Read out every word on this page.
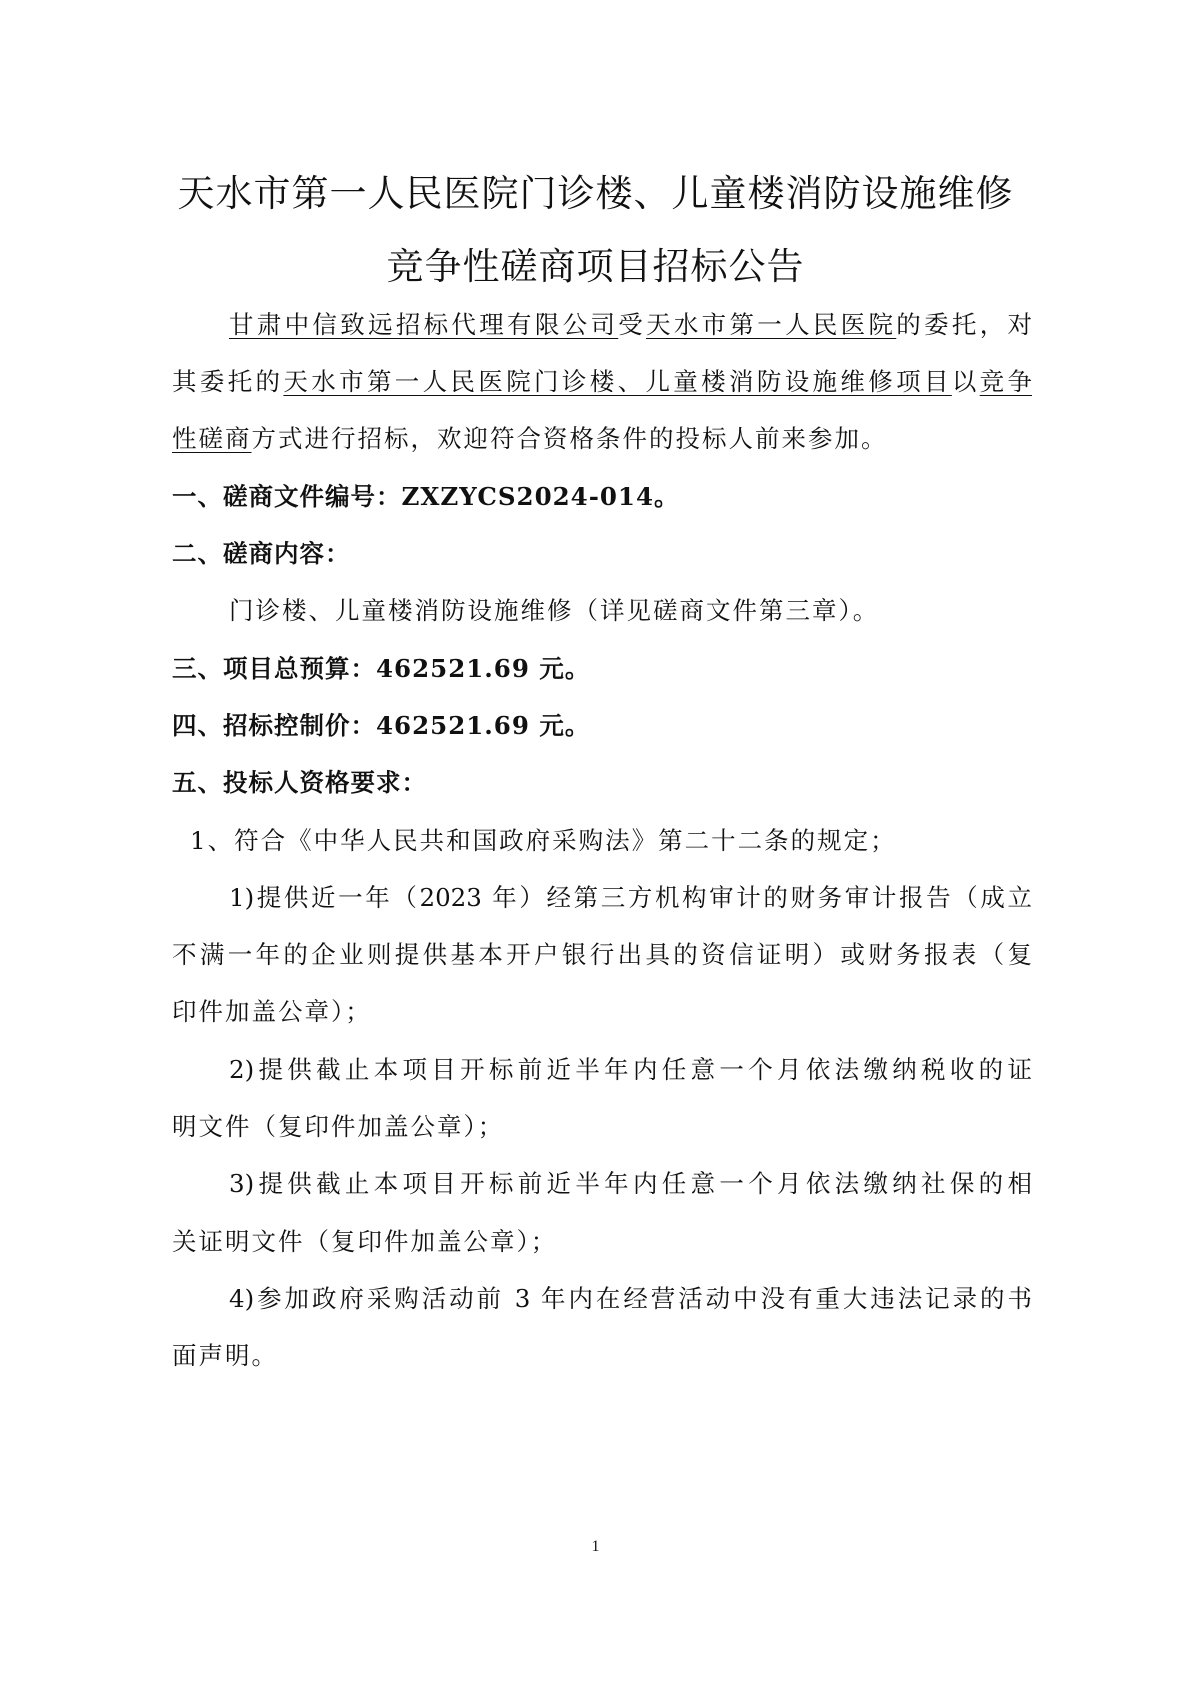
天水市第一人民医院门诊楼、儿童楼消防设施维修
竞争性磋商项目招标公告
甘肃中信致远招标代理有限公司受天水市第一人民医院的委托，对
其委托的天水市第一人民医院门诊楼、儿童楼消防设施维修项目以竞争
性磋商方式进行招标，欢迎符合资格条件的投标人前来参加。
一、磋商文件编号：ZXZYCS2024-014。
二、磋商内容：
门诊楼、儿童楼消防设施维修（详见磋商文件第三章）。
三、项目总预算：462521.69 元。
四、招标控制价：462521.69 元。
五、投标人资格要求：
1、符合《中华人民共和国政府采购法》第二十二条的规定；
1)提供近一年（2023 年）经第三方机构审计的财务审计报告（成立
不满一年的企业则提供基本开户银行出具的资信证明）或财务报表（复
印件加盖公章）；
2)提供截止本项目开标前近半年内任意一个月依法缴纳税收的证
明文件（复印件加盖公章）；
3)提供截止本项目开标前近半年内任意一个月依法缴纳社保的相
关证明文件（复印件加盖公章）；
4)参加政府采购活动前 3 年内在经营活动中没有重大违法记录的书
面声明。
1
